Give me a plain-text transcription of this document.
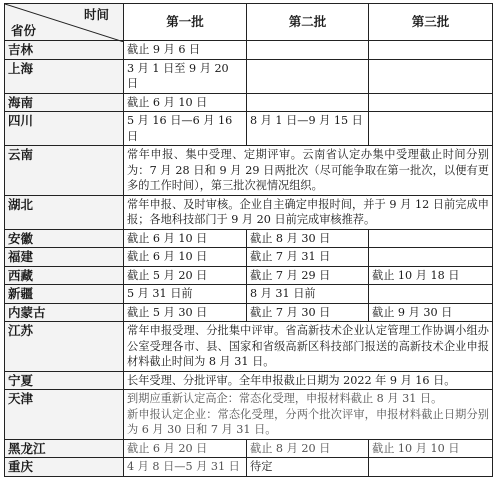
时间
省份	第一批	第二批	第三批
吉林	截止 9 月 6 日		
上海	3 月 1 日至 9 月 20 日		
海南	截止 6 月 10 日		
四川	5 月 16 日—6 月 16 日	8 月 1 日—9 月 15 日	
云南	常年申报、集中受理、定期评审。云南省认定办集中受理截止时间分别为：7 月 28 日和 9 月 29 日两批次（尽可能争取在第一批次，以便有更多的工作时间），第三批次视情况组织。		
湖北	常年申报、及时审核。企业自主确定申报时间，并于 9 月 12 日前完成申报；各地科技部门于 9 月 20 日前完成审核推荐。		
安徽	截止 6 月 10 日	截止 8 月 30 日	
福建	截止 6 月 10 日	截止 7 月 31 日	
西藏	截止 5 月 20 日	截止 7 月 29 日	截止 10 月 18 日
新疆	5 月 31 日前	8 月 31 日前	
内蒙古	截止 5 月 30 日	截止 7 月 30 日	截止 9 月 30 日
江苏	常年申报受理、分批集中评审。省高新技术企业认定管理工作协调小组办公室受理各市、县、国家和省级高新区科技部门报送的高新技术企业申报材料截止时间为 8 月 31 日。		
宁夏	长年受理、分批评审。全年申报截止日期为 2022 年 9 月 16 日。		
天津	到期应重新认定高企：常态化受理，申报材料截止 8 月 31 日。
新申报认定企业：常态化受理，分两个批次评审，申报材料截止日期分别为 6 月 30 日和 7 月 31 日。		

黑龙江	截止 6 月 20 日	截止 8 月 20 日	截止 10 月 10 日
重庆	4 月 8 日—5 月 31 日	待定	
